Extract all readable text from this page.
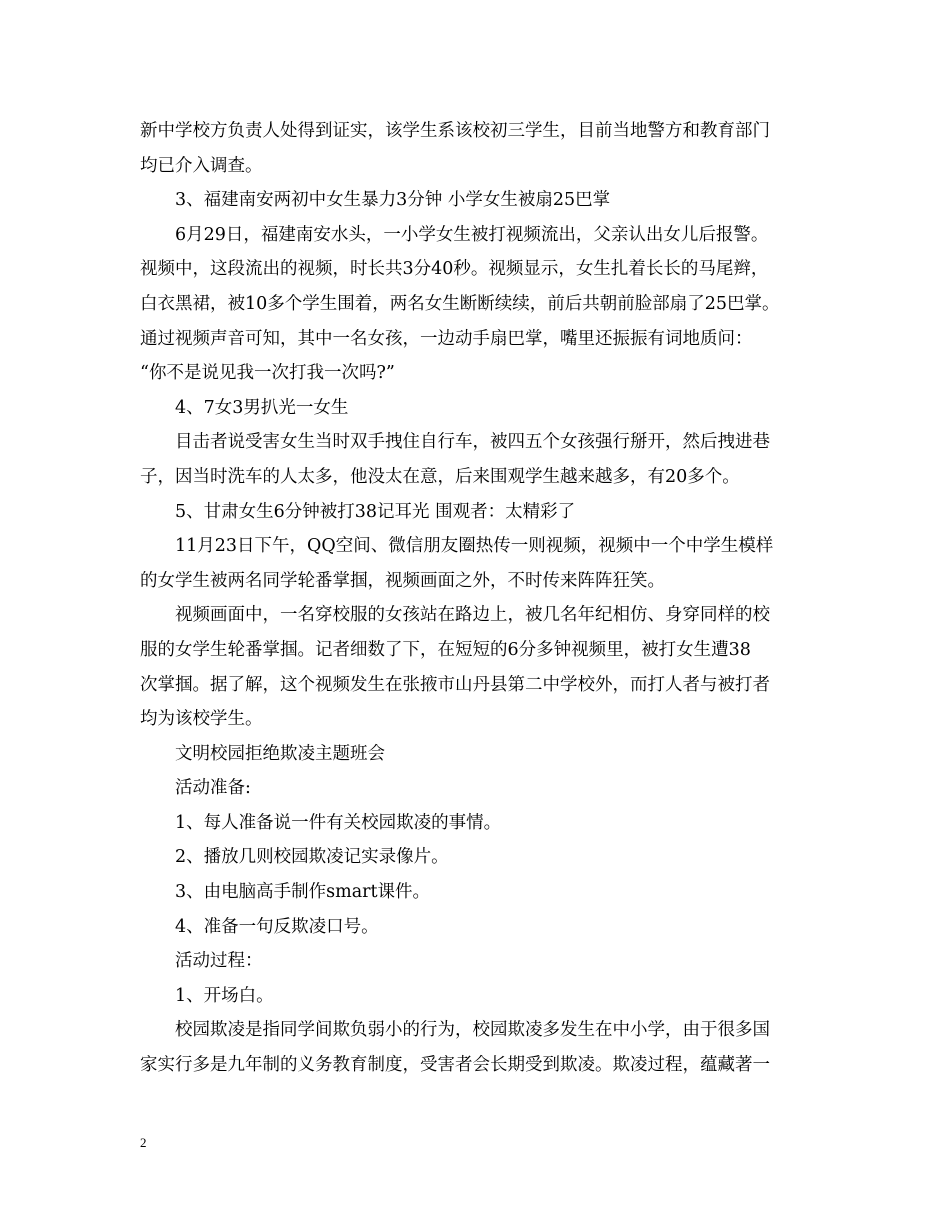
新中学校方负责人处得到证实，该学生系该校初三学生，目前当地警方和教育部门
均已介入调查。
3、福建南安两初中女生暴力3分钟 小学女生被扇25巴掌
6月29日，福建南安水头，一小学女生被打视频流出，父亲认出女儿后报警。
视频中，这段流出的视频，时长共3分40秒。视频显示，女生扎着长长的马尾辫，
白衣黑裙，被10多个学生围着，两名女生断断续续，前后共朝前脸部扇了25巴掌。
通过视频声音可知，其中一名女孩，一边动手扇巴掌，嘴里还振振有词地质问：
“你不是说见我一次打我一次吗?”
4、7女3男扒光一女生
目击者说受害女生当时双手拽住自行车，被四五个女孩强行掰开，然后拽进巷
子，因当时洗车的人太多，他没太在意，后来围观学生越来越多，有20多个。
5、甘肃女生6分钟被打38记耳光 围观者：太精彩了
11月23日下午，QQ空间、微信朋友圈热传一则视频，视频中一个中学生模样
的女学生被两名同学轮番掌掴，视频画面之外，不时传来阵阵狂笑。
视频画面中，一名穿校服的女孩站在路边上，被几名年纪相仿、身穿同样的校
服的女学生轮番掌掴。记者细数了下，在短短的6分多钟视频里，被打女生遭38
次掌掴。据了解，这个视频发生在张掖市山丹县第二中学校外，而打人者与被打者
均为该校学生。
文明校园拒绝欺凌主题班会
活动准备:
1、每人准备说一件有关校园欺凌的事情。
2、播放几则校园欺凌记实录像片。
3、由电脑高手制作smart课件。
4、准备一句反欺凌口号。
活动过程：
1、开场白。
校园欺凌是指同学间欺负弱小的行为，校园欺凌多发生在中小学，由于很多国
家实行多是九年制的义务教育制度，受害者会长期受到欺凌。欺凌过程，蕴藏著一
2
